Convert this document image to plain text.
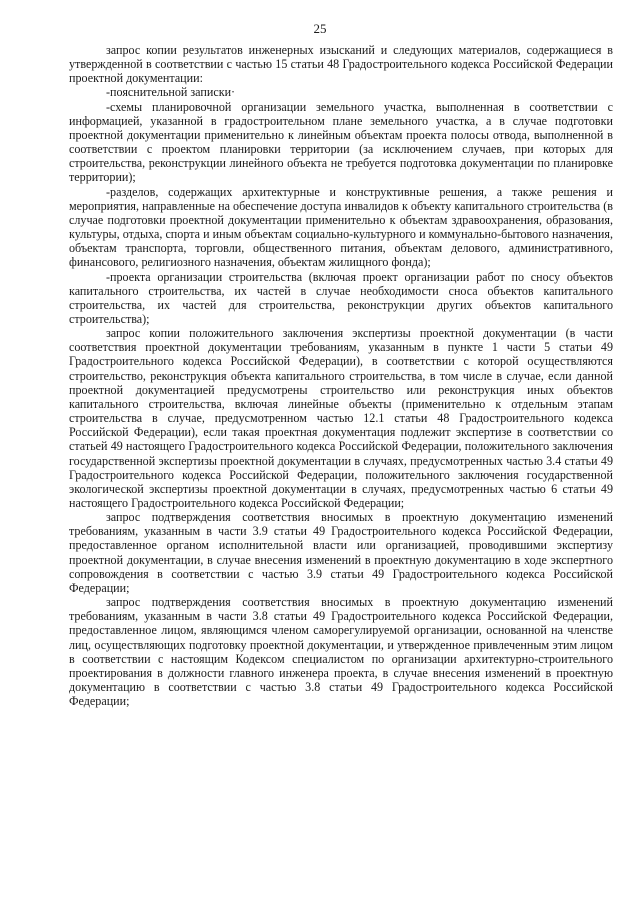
25

запрос копии результатов инженерных изысканий и следующих материалов, содержащиеся в утвержденной в соответствии с частью 15 статьи 48 Градостроительного кодекса Российской Федерации проектной документации:

-пояснительной записки·

-схемы планировочной организации земельного участка, выполненная в соответствии с информацией, указанной в градостроительном плане земельного участка, а в случае подготовки проектной документации применительно к линейным объектам проекта полосы отвода, выполненной в соответствии с проектом планировки территории (за исключением случаев, при которых для строительства, реконструкции линейного объекта не требуется подготовка документации по планировке территории);

-разделов, содержащих архитектурные и конструктивные решения, а также решения и мероприятия, направленные на обеспечение доступа инвалидов к объекту капитального строительства (в случае подготовки проектной документации применительно к объектам здравоохранения, образования, культуры, отдыха, спорта и иным объектам социально-культурного и коммунально-бытового назначения, объектам транспорта, торговли, общественного питания, объектам делового, административного, финансового, религиозного назначения, объектам жилищного фонда);

-проекта организации строительства (включая проект организации работ по сносу объектов капитального строительства, их частей в случае необходимости сноса объектов капитального строительства, их частей для строительства, реконструкции других объектов капитального строительства);

запрос копии положительного заключения экспертизы проектной документации (в части соответствия проектной документации требованиям, указанным в пункте 1 части 5 статьи 49 Градостроительного кодекса Российской Федерации), в соответствии с которой осуществляются строительство, реконструкция объекта капитального строительства, в том числе в случае, если данной проектной документацией предусмотрены строительство или реконструкция иных объектов капитального строительства, включая линейные объекты (применительно к отдельным этапам строительства в случае, предусмотренном частью 12.1 статьи 48 Градостроительного кодекса Российской Федерации), если такая проектная документация подлежит экспертизе в соответствии со статьей 49 настоящего Градостроительного кодекса Российской Федерации, положительного заключения государственной экспертизы проектной документации в случаях, предусмотренных частью 3.4 статьи 49 Градостроительного кодекса Российской Федерации, положительного заключения государственной экологической экспертизы проектной документации в случаях, предусмотренных частью 6 статьи 49 настоящего Градостроительного кодекса Российской Федерации;

запрос подтверждения соответствия вносимых в проектную документацию изменений требованиям, указанным в части 3.9 статьи 49 Градостроительного кодекса Российской Федерации, предоставленное органом исполнительной власти или организацией, проводившими экспертизу проектной документации, в случае внесения изменений в проектную документацию в ходе экспертного сопровождения в соответствии с частью 3.9 статьи 49 Градостроительного кодекса Российской Федерации;

запрос подтверждения соответствия вносимых в проектную документацию изменений требованиям, указанным в части 3.8 статьи 49 Градостроительного кодекса Российской Федерации, предоставленное лицом, являющимся членом саморегулируемой организации, основанной на членстве лиц, осуществляющих подготовку проектной документации, и утвержденное привлеченным этим лицом в соответствии с настоящим Кодексом специалистом по организации архитектурно-строительного проектирования в должности главного инженера проекта, в случае внесения изменений в проектную документацию в соответствии с частью 3.8 статьи 49 Градостроительного кодекса Российской Федерации;
